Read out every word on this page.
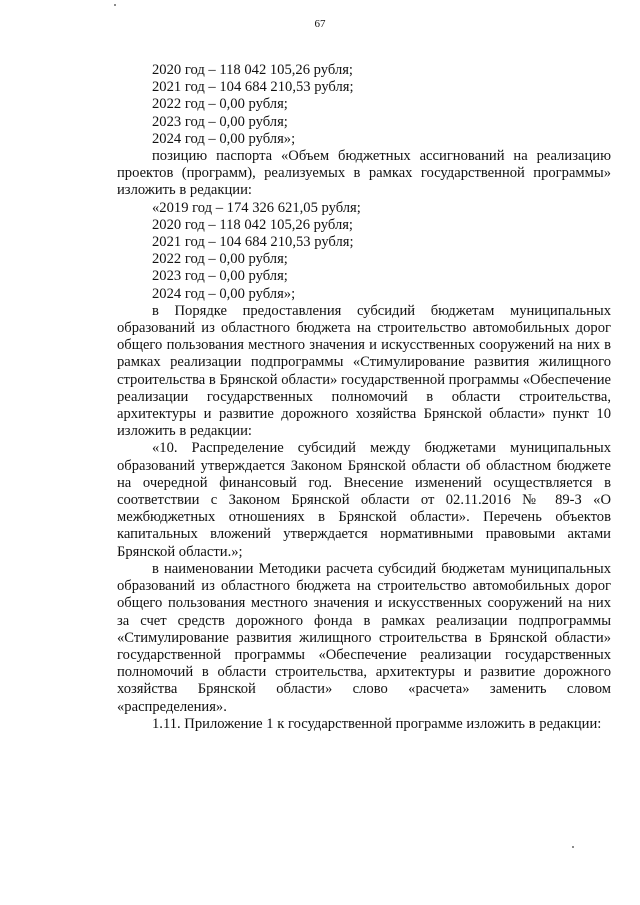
67
2020 год – 118 042 105,26 рубля;
2021 год – 104 684 210,53 рубля;
2022 год – 0,00 рубля;
2023 год – 0,00 рубля;
2024 год – 0,00 рубля»;
позицию паспорта «Объем бюджетных ассигнований на реализацию проектов (программ), реализуемых в рамках государственной программы» изложить в редакции:
«2019 год – 174 326 621,05 рубля;
2020 год – 118 042 105,26 рубля;
2021 год – 104 684 210,53 рубля;
2022 год – 0,00 рубля;
2023 год – 0,00 рубля;
2024 год – 0,00 рубля»;
в Порядке предоставления субсидий бюджетам муниципальных образований из областного бюджета на строительство автомобильных дорог общего пользования местного значения и искусственных сооружений на них в рамках реализации подпрограммы «Стимулирование развития жилищного строительства в Брянской области» государственной программы «Обеспечение реализации государственных полномочий в области строительства, архитектуры и развитие дорожного хозяйства Брянской области» пункт 10 изложить в редакции:
«10. Распределение субсидий между бюджетами муниципальных образований утверждается Законом Брянской области об областном бюджете на очередной финансовый год. Внесение изменений осуществляется в соответствии с Законом Брянской области от 02.11.2016 № 89-З «О межбюджетных отношениях в Брянской области». Перечень объектов капитальных вложений утверждается нормативными правовыми актами Брянской области.»;
в наименовании Методики расчета субсидий бюджетам муниципальных образований из областного бюджета на строительство автомобильных дорог общего пользования местного значения и искусственных сооружений на них за счет средств дорожного фонда в рамках реализации подпрограммы «Стимулирование развития жилищного строительства в Брянской области» государственной программы «Обеспечение реализации государственных полномочий в области строительства, архитектуры и развитие дорожного хозяйства Брянской области» слово «расчета» заменить словом «распределения».
1.11. Приложение 1 к государственной программе изложить в редакции:
